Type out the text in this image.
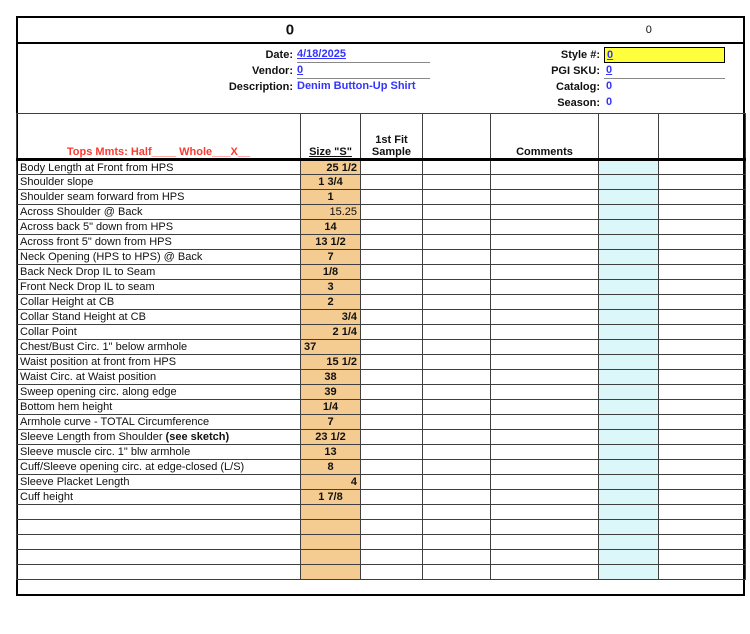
0	0
Date: 4/18/2025	Style #: 0
Vendor: 0	PGI SKU: 0
Description: Denim Button-Up Shirt	Catalog: 0
Season: 0
Tops Mmts: Half____ Whole___X__	Size "S"	1st Fit
Sample		Comments		
Body Length at Front from HPS	25 1/2					
Shoulder slope	1 3/4					
Shoulder seam forward from HPS	1					
Across Shoulder @ Back	15.25					
Across back 5" down from HPS	14					
Across front 5" down from HPS	13 1/2					
Neck Opening (HPS to HPS) @ Back	7					
Back Neck Drop IL to Seam	1/8					
Front Neck Drop IL to seam	3					
Collar Height at CB	2					
Collar Stand Height at CB	3/4					
Collar Point	2 1/4					
Chest/Bust Circ. 1" below armhole	37					
Waist position at front from HPS	15 1/2					
Waist Circ. at Waist position	38					
Sweep opening circ. along edge	39					
Bottom hem height	1/4					
Armhole curve - TOTAL Circumference	7					
Sleeve Length from Shoulder (see sketch)	23 1/2					
Sleeve muscle circ. 1" blw armhole	13					
Cuff/Sleeve opening circ. at edge-closed (L/S)	8					
Sleeve Placket Length	4					
Cuff height	1 7/8					
